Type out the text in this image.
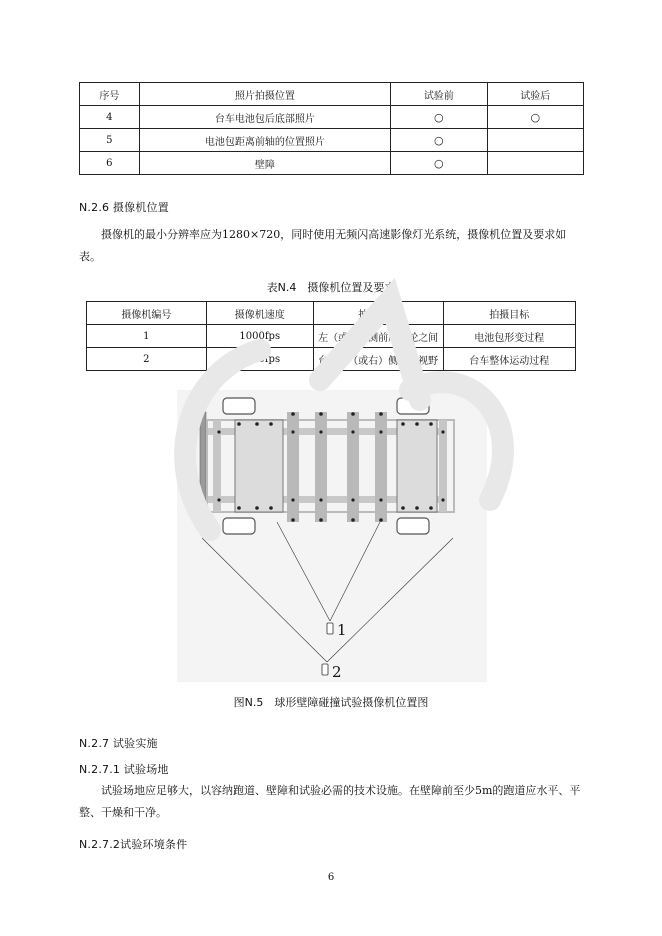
序号	照片拍摄位置	试验前	试验后
4	台车电池包后底部照片	○	○
5	电池包距离前轴的位置照片	○	
6	壁障	○	
N.2.6 摄像机位置
摄像机的最小分辨率应为1280×720，同时使用无频闪高速影像灯光系统，摄像机位置及要求如表。
表N.4　摄像机位置及要求
摄像机编号	摄像机速度	拍摄位置	拍摄目标
1	1000fps	左（或右）侧前后车轮之间	电池包形变过程
2	1000fps	台车左（或右）侧全部视野	台车整体运动过程
1
2
图N.5　球形壁障碰撞试验摄像机位置图
N.2.7 试验实施
N.2.7.1 试验场地
试验场地应足够大，以容纳跑道、壁障和试验必需的技术设施。在壁障前至少5m的跑道应水平、平整、干燥和干净。
N.2.7.2试验环境条件
6
